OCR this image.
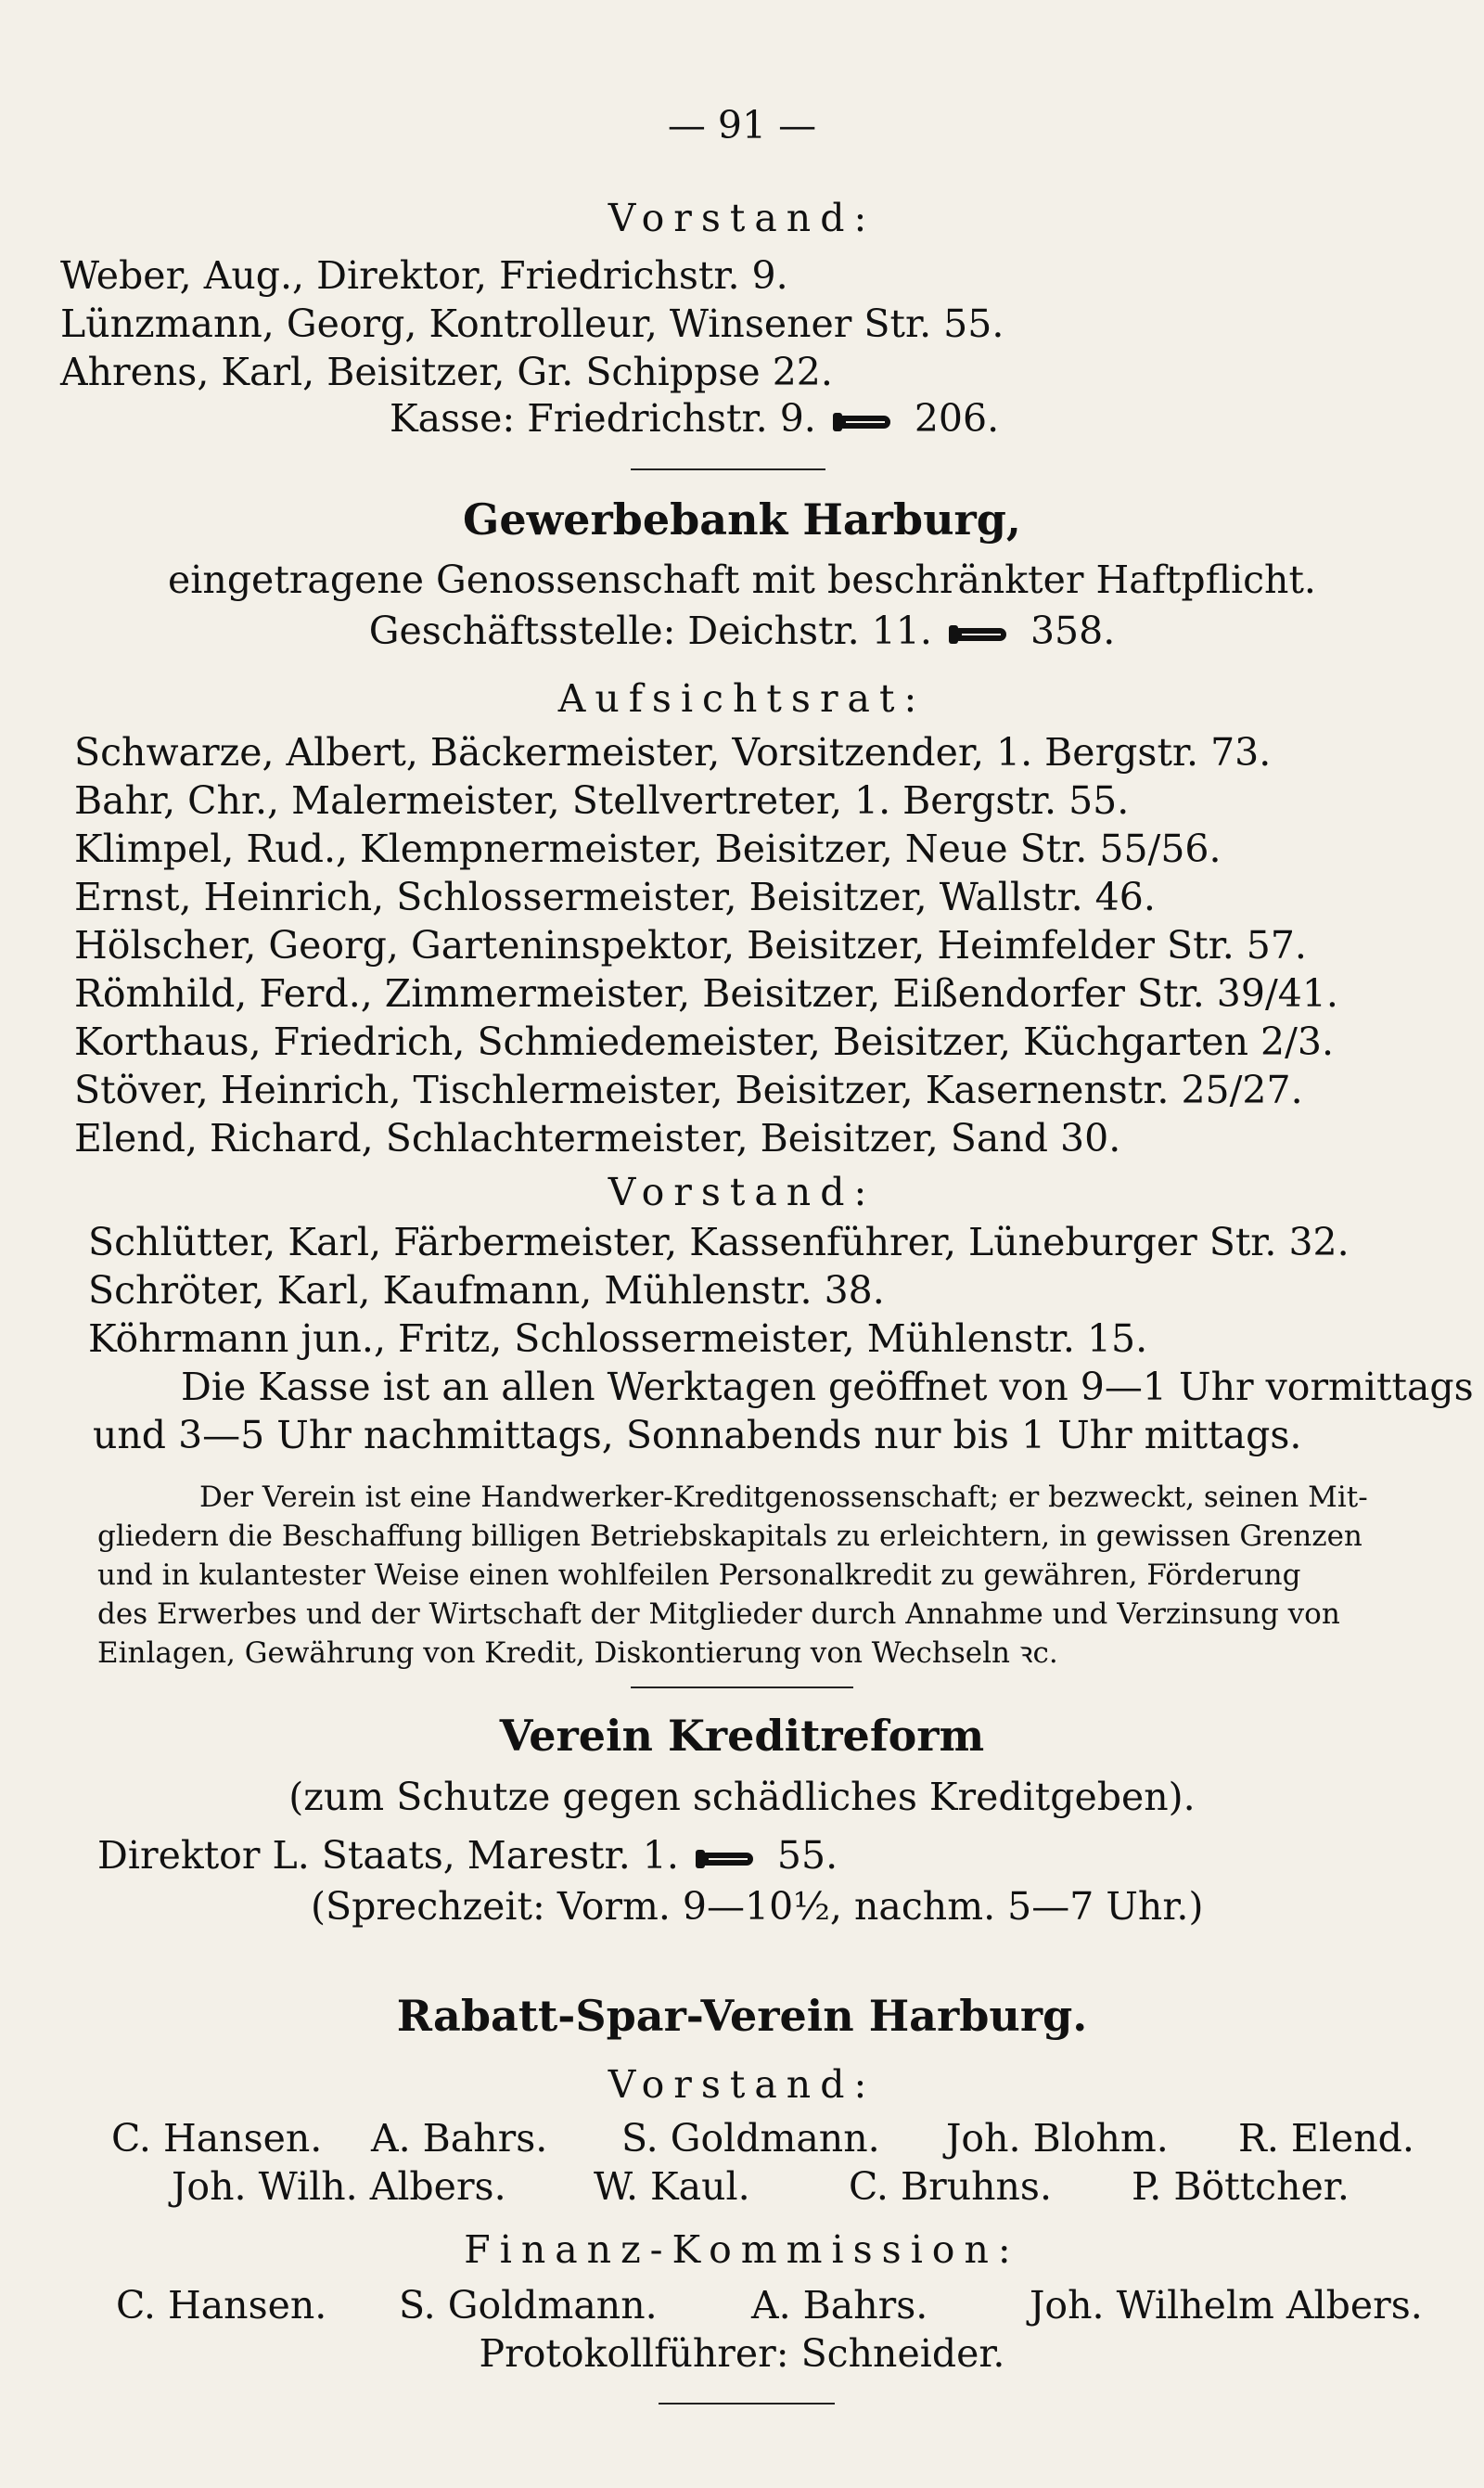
— 91 —
Vorstand:
Weber, Aug., Direktor, Friedrichstr. 9.
Lünzmann, Georg, Kontrolleur, Winsener Str. 55.
Ahrens, Karl, Beisitzer, Gr. Schippse 22.
Kasse: Friedrichstr. 9.	206.
Gewerbebank Harburg,
eingetragene Genossenschaft mit beschränkter Haftpflicht.
Geschäftsstelle: Deichstr. 11.	358.
Aufsichtsrat:
Schwarze, Albert, Bäckermeister, Vorsitzender, 1. Bergstr. 73.
Bahr, Chr., Malermeister, Stellvertreter, 1. Bergstr. 55.
Klimpel, Rud., Klempnermeister, Beisitzer, Neue Str. 55/56.
Ernst, Heinrich, Schlossermeister, Beisitzer, Wallstr. 46.
Hölscher, Georg, Garteninspektor, Beisitzer, Heimfelder Str. 57.
Römhild, Ferd., Zimmermeister, Beisitzer, Eißendorfer Str. 39/41.
Korthaus, Friedrich, Schmiedemeister, Beisitzer, Küchgarten 2/3.
Stöver, Heinrich, Tischlermeister, Beisitzer, Kasernenstr. 25/27.
Elend, Richard, Schlachtermeister, Beisitzer, Sand 30.
Vorstand:
Schlütter, Karl, Färbermeister, Kassenführer, Lüneburger Str. 32.
Schröter, Karl, Kaufmann, Mühlenstr. 38.
Köhrmann jun., Fritz, Schlossermeister, Mühlenstr. 15.
Die Kasse ist an allen Werktagen geöffnet von 9—1 Uhr vormittags
und 3—5 Uhr nachmittags, Sonnabends nur bis 1 Uhr mittags.
Der Verein ist eine Handwerker-Kreditgenossenschaft; er bezweckt, seinen Mit-
gliedern die Beschaffung billigen Betriebskapitals zu erleichtern, in gewissen Grenzen
und in kulantester Weise einen wohlfeilen Personalkredit zu gewähren, Förderung
des Erwerbes und der Wirtschaft der Mitglieder durch Annahme und Verzinsung von
Einlagen, Gewährung von Kredit, Diskontierung von Wechseln ꝛc.
Verein Kreditreform
(zum Schutze gegen schädliches Kreditgeben).
Direktor L. Staats, Marestr. 1.	55.
(Sprechzeit: Vorm. 9—10½, nachm. 5—7 Uhr.)
Rabatt-Spar-Verein Harburg.
Vorstand:
C. Hansen. A. Bahrs. S. Goldmann. Joh. Blohm. R. Elend.
Joh. Wilh. Albers. W. Kaul.	C. Bruhns. P. Böttcher.
Finanz-Kommission:
C. Hansen. S. Goldmann. A. Bahrs.	Joh. Wilhelm Albers.
Protokollführer: Schneider.
